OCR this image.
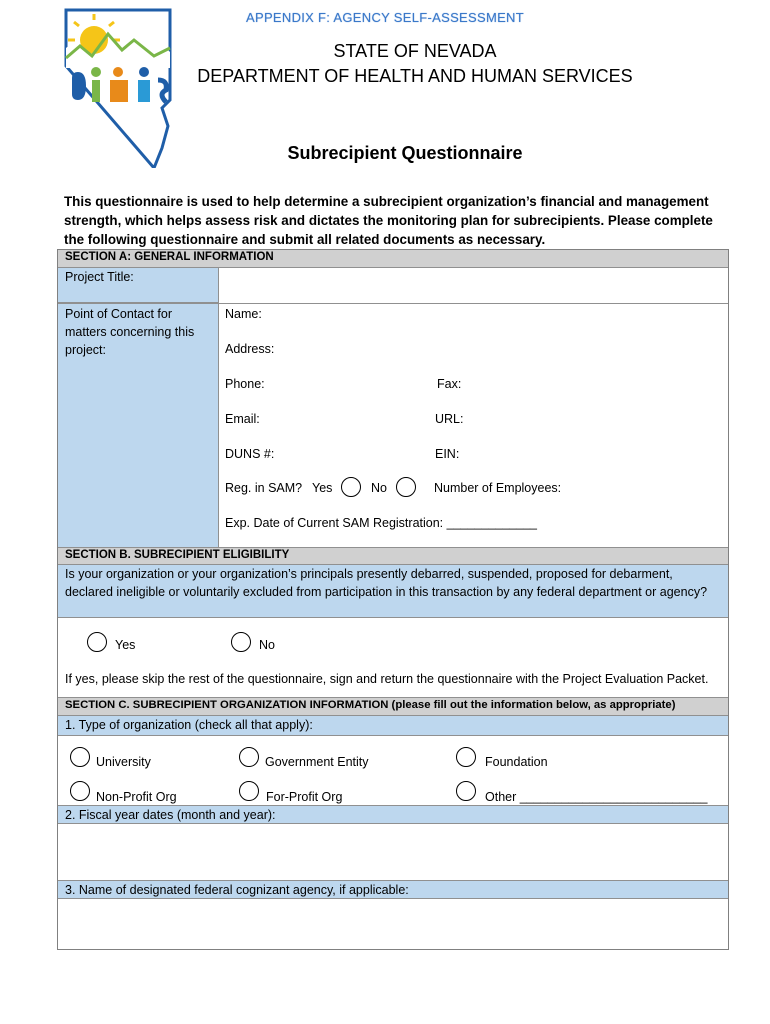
APPENDIX F: AGENCY SELF-ASSESSMENT
STATE OF NEVADA
DEPARTMENT OF HEALTH AND HUMAN SERVICES
Subrecipient Questionnaire
This questionnaire is used to help determine a subrecipient organization’s financial and management strength, which helps assess risk and dictates the monitoring plan for subrecipients. Please complete the following questionnaire and submit all related documents as necessary.
SECTION A: GENERAL INFORMATION
Project Title:
Point of Contact for matters concerning this project:
Name:
Address:
Phone:	Fax:
Email:	URL:
DUNS #:	EIN:
Reg. in SAM? Yes	No	Number of Employees:
Exp. Date of Current SAM Registration: _____________
SECTION B. SUBRECIPIENT ELIGIBILITY
Is your organization or your organization’s principals presently debarred, suspended, proposed for debarment, declared ineligible or voluntarily excluded from participation in this transaction by any federal department or agency?
Yes	No
If yes, please skip the rest of the questionnaire, sign and return the questionnaire with the Project Evaluation Packet.
SECTION C. SUBRECIPIENT ORGANIZATION INFORMATION (please fill out the information below, as appropriate)
1. Type of organization (check all that apply):
University	Government Entity	Foundation
Non-Profit Org	For-Profit Org	Other ___________________________
2. Fiscal year dates (month and year):
3. Name of designated federal cognizant agency, if applicable:
